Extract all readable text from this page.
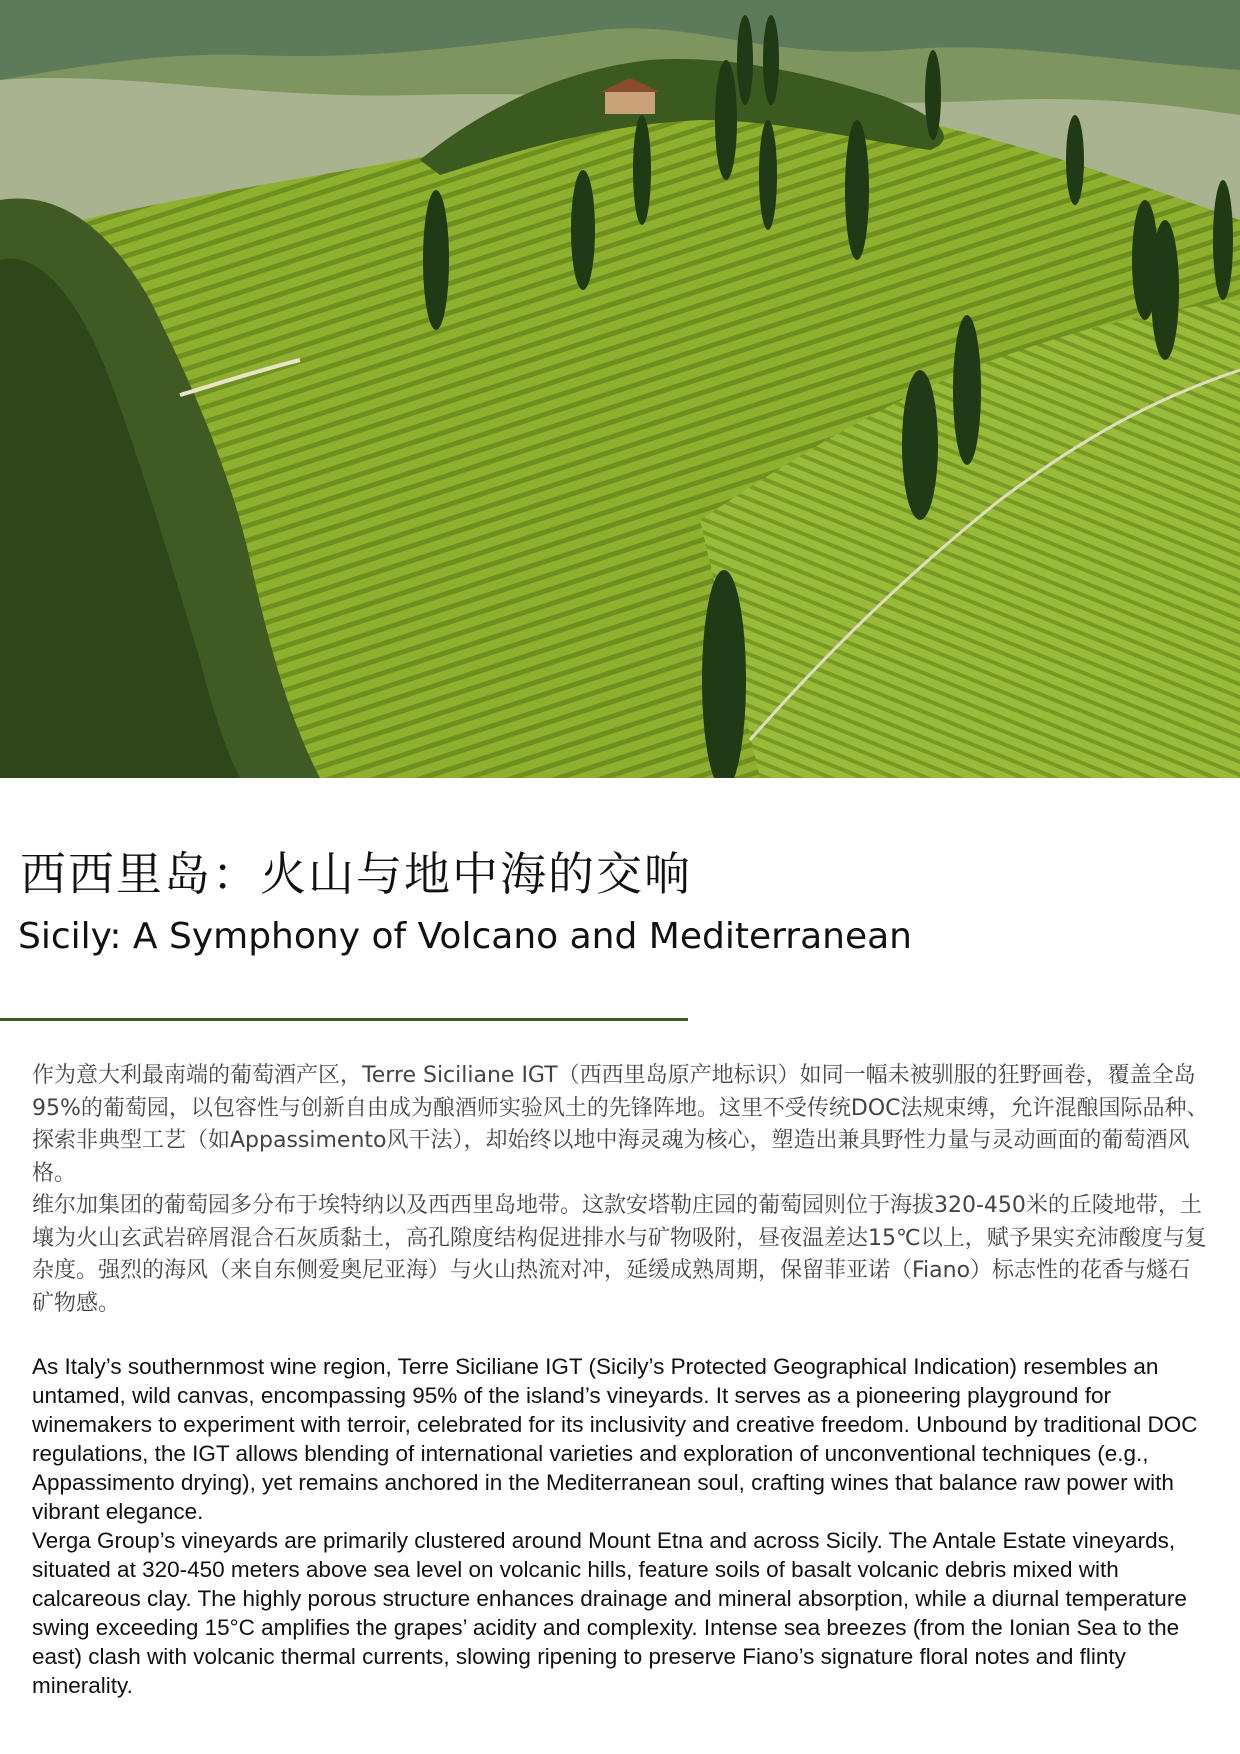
西西里岛：火山与地中海的交响
Sicily: A Symphony of Volcano and Mediterranean

作为意大利最南端的葡萄酒产区，Terre Siciliane IGT（西西里岛原产地标识）如同一幅未被驯服的狂野画卷，覆盖全岛95%的葡萄园，以包容性与创新自由成为酿酒师实验风土的先锋阵地。这里不受传统DOC法规束缚，允许混酿国际品种、探索非典型工艺（如Appassimento风干法），却始终以地中海灵魂为核心，塑造出兼具野性力量与灵动画面的葡萄酒风格。

维尔加集团的葡萄园多分布于埃特纳以及西西里岛地带。这款安塔勒庄园的葡萄园则位于海拔320-450米的丘陵地带，土壤为火山玄武岩碎屑混合石灰质黏土，高孔隙度结构促进排水与矿物吸附，昼夜温差达15℃以上，赋予果实充沛酸度与复杂度。强烈的海风（来自东侧爱奥尼亚海）与火山热流对冲，延缓成熟周期，保留菲亚诺（Fiano）标志性的花香与燧石矿物感。

As Italy’s southernmost wine region, Terre Siciliane IGT (Sicily’s Protected Geographical Indication) resembles an untamed, wild canvas, encompassing 95% of the island’s vineyards. It serves as a pioneering playground for winemakers to experiment with terroir, celebrated for its inclusivity and creative freedom. Unbound by traditional DOC regulations, the IGT allows blending of international varieties and exploration of unconventional techniques (e.g., Appassimento drying), yet remains anchored in the Mediterranean soul, crafting wines that balance raw power with vibrant elegance.

Verga Group’s vineyards are primarily clustered around Mount Etna and across Sicily. The Antale Estate vineyards, situated at 320-450 meters above sea level on volcanic hills, feature soils of basalt volcanic debris mixed with calcareous clay. The highly porous structure enhances drainage and mineral absorption, while a diurnal temperature swing exceeding 15°C amplifies the grapes’ acidity and complexity. Intense sea breezes (from the Ionian Sea to the east) clash with volcanic thermal currents, slowing ripening to preserve Fiano’s signature floral notes and flinty minerality.
